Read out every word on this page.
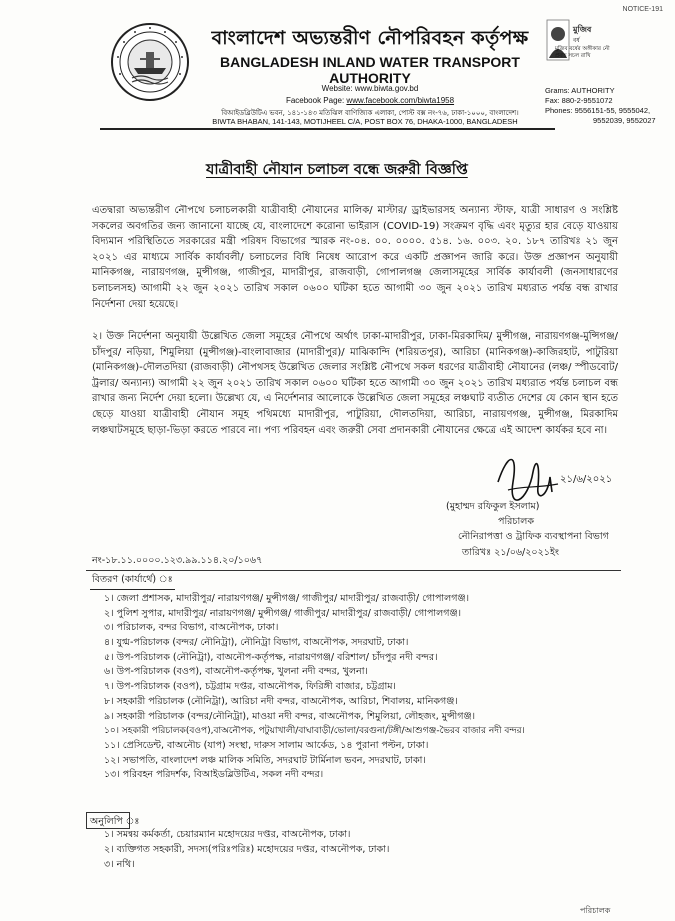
NOTICE-191
বাংলাদেশ অভ্যন্তরীণ নৌপরিবহন কর্তৃপক্ষ
BANGLADESH INLAND WATER TRANSPORT AUTHORITY
Website: www.biwta.gov.bd
Facebook Page: www.facebook.com/biwta1958
বিআইডব্লিউটিএ ভবন, ১৪১-১৪৩ মতিঝিল বাণিজ্যিক এলাকা, পোস্ট বক্স নং-৭৬, ঢাকা-১০০০, বাংলাদেশ।
BIWTA BHABAN, 141-143, MOTIJHEEL C/A, POST BOX 76, DHAKA-1000, BANGLADESH
মুজিব
বর্ষ
মুজিব বর্ষের অঙ্গীকার নৌ প্রবাহ সচল রাখি
Grams: AUTHORITY
Fax: 880-2-9551072
Phones: 9556151-55, 9555042,
9552039, 9552027
যাত্রীবাহী নৌযান চলাচল বন্ধে জরুরী বিজ্ঞপ্তি
এতদ্বারা অভ্যন্তরীণ নৌপথে চলাচলকারী যাত্রীবাহী নৌযানের মালিক/ মাস্টার/ ড্রাইভারসহ অন্যান্য স্টাফ, যাত্রী সাধারণ ও সংশ্লিষ্ট সকলের অবগতির জন্য জানানো যাচ্ছে যে, বাংলাদেশে করোনা ভাইরাস (COVID-19) সংক্রমণ বৃদ্ধি এবং মৃত্যুর হার বেড়ে যাওয়ায় বিদ্যমান পরিস্থিতিতে সরকারের মন্ত্রী পরিষদ বিভাগের স্মারক নং-০৪. ০০. ০০০০. ৫১৪. ১৬. ০০৩. ২০. ১৮৭ তারিখঃ ২১ জুন ২০২১ এর মাধ্যমে সার্বিক কার্যাবলী/ চলাচলের বিধি নিষেধ আরোপ করে একটি প্রজ্ঞাপন জারি করে। উক্ত প্রজ্ঞাপন অনুযায়ী মানিকগঞ্জ, নারায়ণগঞ্জ, মুন্সীগঞ্জ, গাজীপুর, মাদারীপুর, রাজবাড়ী, গোপালগঞ্জ জেলাসমূহের সার্বিক কার্যাবলী (জনসাধারণের চলাচলসহ) আগামী ২২ জুন ২০২১ তারিখ সকাল ০৬০০ ঘটিকা হতে আগামী ৩০ জুন ২০২১ তারিখ মধ্যরাত পর্যন্ত বন্ধ রাখার নির্দেশনা দেয়া হয়েছে।
২। উক্ত নির্দেশনা অনুযায়ী উল্লেখিত জেলা সমূহের নৌপথে অর্থাৎ ঢাকা-মাদারীপুর, ঢাকা-মিরকাদিম/ মুন্সীগঞ্জ, নারায়ণগঞ্জ-মুন্সিগঞ্জ/ চাঁদপুর/ নড়িয়া, শিমুলিয়া (মুন্সীগঞ্জ)-বাংলাবাজার (মাদারীপুর)/ মাঝিকান্দি (শরিয়তপুর), আরিচা (মানিকগঞ্জ)-কাজিরহাট, পাটুরিয়া (মানিকগঞ্জ)-দৌলতদিয়া (রাজবাড়ী) নৌপথসহ উল্লেখিত জেলার সংশ্লিষ্ট নৌপথে সকল ধরণের যাত্রীবাহী নৌযানের (লঞ্চ/ স্পীডবোট/ ট্রলার/ অন্যান্য) আগামী ২২ জুন ২০২১ তারিখ সকাল ০৬০০ ঘটিকা হতে আগামী ৩০ জুন ২০২১ তারিখ মধ্যরাত পর্যন্ত চলাচল বন্ধ রাখার জন্য নির্দেশ দেয়া হলো। উল্লেখ্য যে, এ নির্দেশনার আলোকে উল্লেখিত জেলা সমূহের লঞ্চঘাট ব্যতীত দেশের যে কোন স্থান হতে ছেড়ে যাওয়া যাত্রীবাহী নৌযান সমূহ পথিমধ্যে মাদারীপুর, পাটুরিয়া, দৌলতদিয়া, আরিচা, নারায়ণগঞ্জ, মুন্সীগঞ্জ, মিরকাদিম লঞ্চঘাটসমূহে ছাড়া-ভিড়া করতে পারবে না। পণ্য পরিবহন এবং জরুরী সেবা প্রদানকারী নৌযানের ক্ষেত্রে এই আদেশ কার্যকর হবে না।
২১/৬/২০২১
(মুহাম্মদ রফিকুল ইসলাম)
পরিচালক
নৌনিরাপত্তা ও ট্রাফিক ব্যবস্থাপনা বিভাগ
নং-১৮.১১.০০০০.১২৩.৯৯.১১৪.২০/১০৬৭
তারিখঃ ২১/০৬/২০২১ইং
বিতরণ (কার্যার্থে) ঃ
১। জেলা প্রশাসক, মাদারীপুর/ নারায়ণগঞ্জ/ মুন্সীগঞ্জ/ গাজীপুর/ মাদারীপুর/ রাজবাড়ী/ গোপালগঞ্জ।
২। পুলিশ সুপার, মাদারীপুর/ নারায়ণগঞ্জ/ মুন্সীগঞ্জ/ গাজীপুর/ মাদারীপুর/ রাজবাড়ী/ গোপালগঞ্জ।
৩। পরিচালক, বন্দর বিভাগ, বাঅনৌপক, ঢাকা।
৪। যুগ্ম-পরিচালক (বন্দর/ নৌনিট্রা), নৌনিট্রা বিভাগ, বাঅনৌপক, সদরঘাট, ঢাকা।
৫। উপ-পরিচালক (নৌনিট্রা), বাঅনৌপ-কর্তৃপক্ষ, নারায়ণগঞ্জ/ বরিশাল/ চাঁদপুর নদী বন্দর।
৬। উপ-পরিচালক (বওপ), বাঅনৌপ-কর্তৃপক্ষ, খুলনা নদী বন্দর, খুলনা।
৭। উপ-পরিচালক (বওপ), চট্টগ্রাম দপ্তর, বাঅনৌপক, ফিরিঙ্গী বাজার, চট্টগ্রাম।
৮। সহকারী পরিচালক (নৌনিট্রা), আরিচা নদী বন্দর, বাঅনৌপক, আরিচা, শিবালয়, মানিকগঞ্জ।
৯। সহকারী পরিচালক (বন্দর/নৌনিট্রা), মাওয়া নদী বন্দর, বাঅনৌপক, শিমুলিয়া, লৌহজং, মুন্সীগঞ্জ।
১০। সহকারী পরিচালক(বওপ),বাঅনৌপক, পটুয়াখালী/বাঘাবাড়ী/ভোলা/বরগুনা/টঙ্গী/আশুগঞ্জ-ভৈরব বাজার নদী বন্দর।
১১। প্রেসিডেন্ট, বাঅনৌচ (যাপ) সংস্থা, দারুস সালাম আর্কেড, ১৪ পুরানা পল্টন, ঢাকা।
১২। সভাপতি, বাংলাদেশ লঞ্চ মালিক সমিতি, সদরঘাট টার্মিনাল ভবন, সদরঘাট, ঢাকা।
১৩। পরিবহন পরিদর্শক, বিআইডব্লিউটিএ, সকল নদী বন্দর।
অনুলিপি ঃ
১। সমন্বয় কর্মকর্তা, চেয়ারম্যান মহোদয়ের দপ্তর, বাঅনৌপক, ঢাকা।
২। ব্যক্তিগত সহকারী, সদস্য(পরিঃপরিঃ) মহোদয়ের দপ্তর, বাঅনৌপক, ঢাকা।
৩। নথি।
পরিচালক
